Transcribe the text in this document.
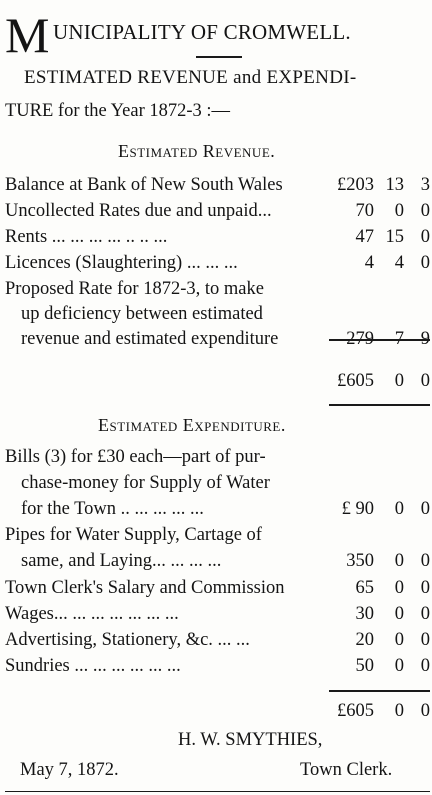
M UNICIPALITY OF CROMWELL.
ESTIMATED REVENUE and EXPENDI-
TURE for the Year 1872-3 :—
Estimated Revenue.
Balance at Bank of New South Wales	£203 13 3
Uncollected Rates due and unpaid...	70	0 0
Rents ... ... ... ... .. .. ...	47 15 0
Licences (Slaughtering) ... ... ...	4	4 0
Proposed Rate for 1872-3, to make
up deficiency between estimated
revenue and estimated expenditure	279	7 9
£605	0 0
Estimated Expenditure.
Bills (3) for £30 each—part of pur-
chase-money for Supply of Water
for the Town .. ... ... ... ...	£ 90	0 0
Pipes for Water Supply, Cartage of
same, and Laying... ... ... ...	350	0 0
Town Clerk's Salary and Commission	65	0 0
Wages... ... ... ... ... ... ...	30	0 0
Advertising, Stationery, &c. ... ...	20	0 0
Sundries ... ... ... ... ... ...	50	0 0
£605	0 0
H. W. SMYTHIES,
May 7, 1872.	Town Clerk.
